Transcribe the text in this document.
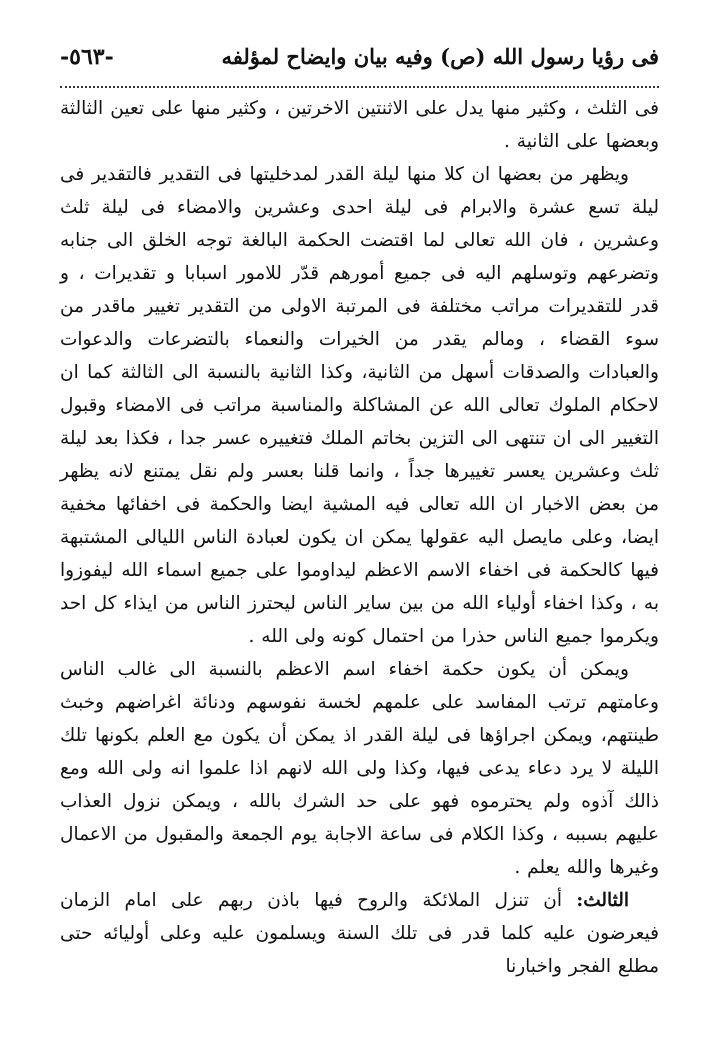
فى رؤيا رسول الله (ص) وفيه بيان وايضاح لمؤلفه
-٥٦٣-

فى الثلث ، وكثير منها يدل على الاثنتين الاخرتين ، وكثير منها على تعين الثالثة وبعضها على الثانية .

ويظهر من بعضها ان كلا منها ليلة القدر لمدخليتها فى التقدير فالتقدير فى ليلة تسع عشرة والابرام فى ليلة احدى وعشرين والامضاء فى ليلة ثلث وعشرين ، فان الله تعالى لما اقتضت الحكمة البالغة توجه الخلق الى جنابه وتضرعهم وتوسلهم اليه فى جميع أمورهم قدّر للامور اسبابا و تقديرات ، و قدر للتقديرات مراتب مختلفة فى المرتبة الاولى من التقدير تغيير ماقدر من سوء القضاء ، ومالم يقدر من الخيرات والنعماء بالتضرعات والدعوات والعبادات والصدقات أسهل من الثانية، وكذا الثانية بالنسبة الى الثالثة كما ان لاحكام الملوك تعالى الله عن المشاكلة والمناسبة مراتب فى الامضاء وقبول التغيير الى ان تنتهى الى التزين بخاتم الملك فتغييره عسر جدا ، فكذا بعد ليلة ثلث وعشرين يعسر تغييرها جداً ، وانما قلنا بعسر ولم نقل يمتنع لانه يظهر من بعض الاخبار ان الله تعالى فيه المشية ايضا والحكمة فى اخفائها مخفية ايضا، وعلى مايصل اليه عقولها يمكن ان يكون لعبادة الناس الليالى المشتبهة فيها كالحكمة فى اخفاء الاسم الاعظم ليداوموا على جميع اسماء الله ليفوزوا به ، وكذا اخفاء أولياء الله من بين ساير الناس ليحترز الناس من ايذاء كل احد ويكرموا جميع الناس حذرا من احتمال كونه ولى الله .

ويمكن أن يكون حكمة اخفاء اسم الاعظم بالنسبة الى غالب الناس وعامتهم ترتب المفاسد على علمهم لخسة نفوسهم ودنائة اغراضهم وخبث طينتهم، ويمكن اجراؤها فى ليلة القدر اذ يمكن أن يكون مع العلم بكونها تلك الليلة لا يرد دعاء يدعى فيها، وكذا ولى الله لانهم اذا علموا انه ولى الله ومع ذالك آذوه ولم يحترموه فهو على حد الشرك بالله ، ويمكن نزول العذاب عليهم بسببه ، وكذا الكلام فى ساعة الاجابة يوم الجمعة والمقبول من الاعمال وغيرها والله يعلم .

الثالث: أن تنزل الملائكة والروح فيها باذن ربهم على امام الزمان فيعرضون عليه كلما قدر فى تلك السنة ويسلمون عليه وعلى أوليائه حتى مطلع الفجر واخبارنا
